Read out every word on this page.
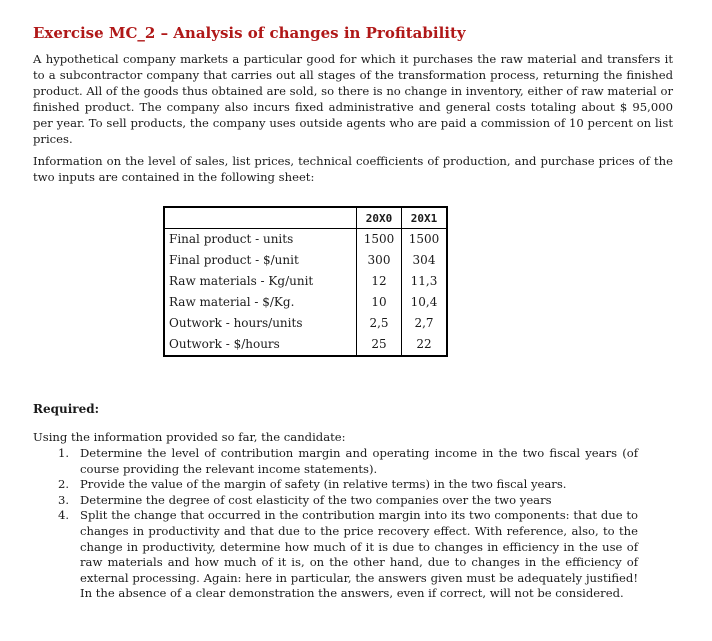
Exercise MC_2 – Analysis of changes in Profitability

A hypothetical company markets a particular good for which it purchases the raw material and transfers it to a subcontractor company that carries out all stages of the transformation process, returning the finished product. All of the goods thus obtained are sold, so there is no change in inventory, either of raw material or finished product. The company also incurs fixed administrative and general costs totaling about $ 95,000 per year. To sell products, the company uses outside agents who are paid a commission of 10 percent on list prices.

Information on the level of sales, list prices, technical coefficients of production, and purchase prices of the two inputs are contained in the following sheet:

	20X0	20X1
Final product - units	1500	1500
Final product - $/unit	300	304
Raw materials - Kg/unit	12	11,3
Raw material - $/Kg.	10	10,4
Outwork - hours/units	2,5	2,7
Outwork - $/hours	25	22
Required:
Using the information provided so far, the candidate:
1. Determine the level of contribution margin and operating income in the two fiscal years (of course providing the relevant income statements).
2. Provide the value of the margin of safety (in relative terms) in the two fiscal years.
3. Determine the degree of cost elasticity of the two companies over the two years
4. Split the change that occurred in the contribution margin into its two components: that due to changes in productivity and that due to the price recovery effect. With reference, also, to the change in productivity, determine how much of it is due to changes in efficiency in the use of raw materials and how much of it is, on the other hand, due to changes in the efficiency of external processing. Again: here in particular, the answers given must be adequately justified! In the absence of a clear demonstration the answers, even if correct, will not be considered.
